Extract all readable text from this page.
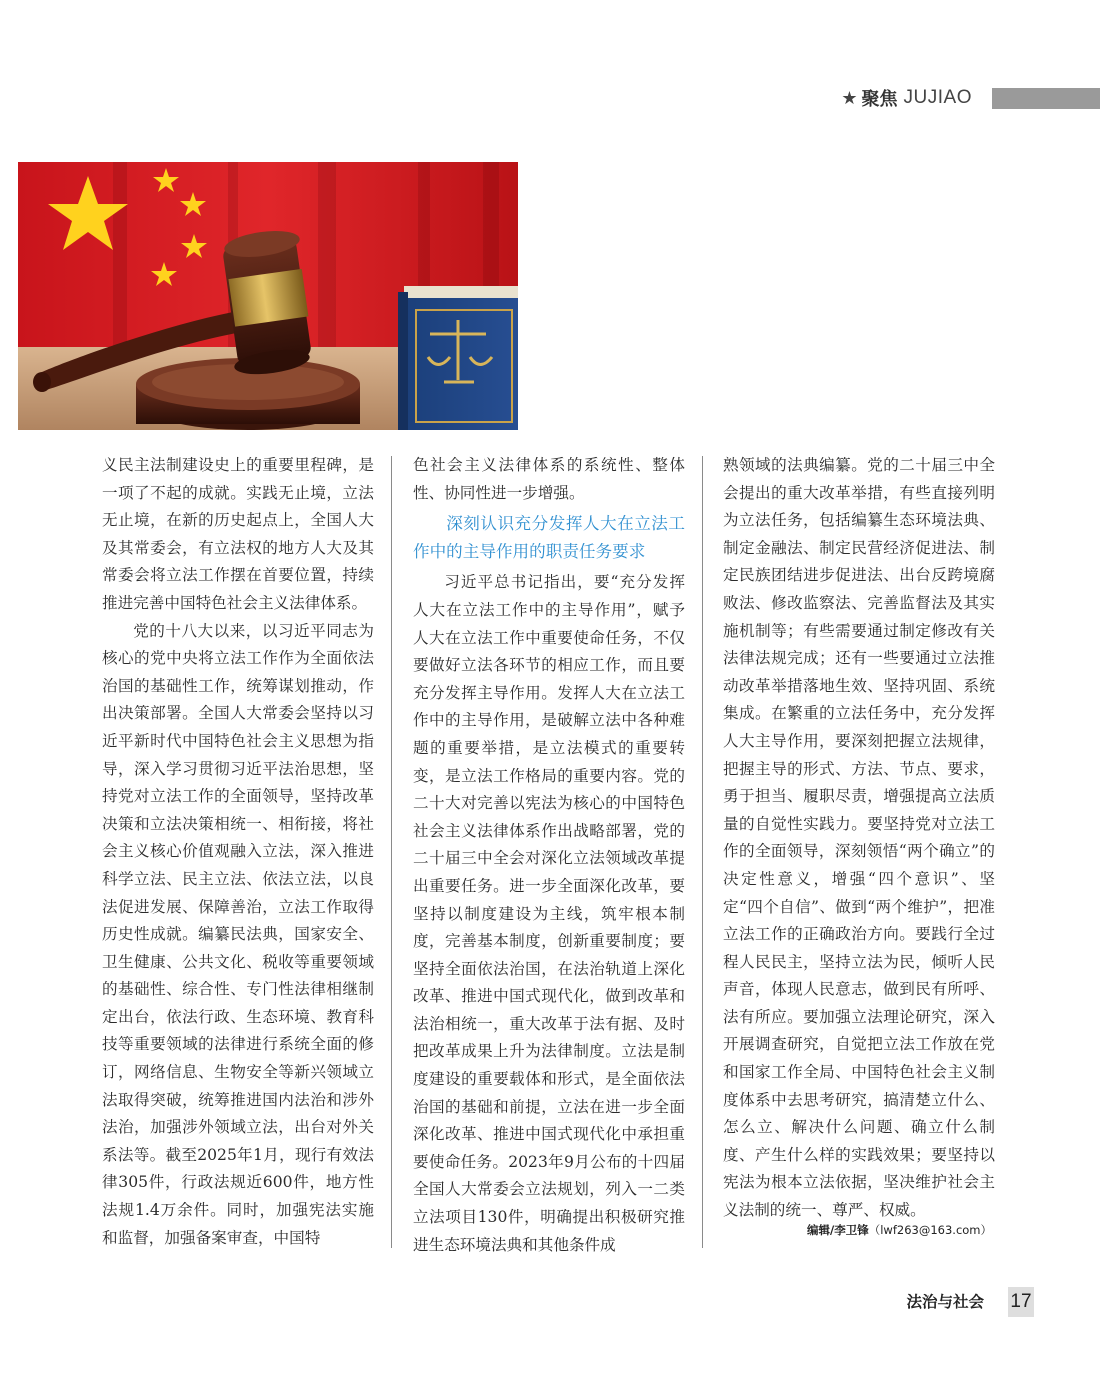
★ 聚焦 JUJIAO

义民主法制建设史上的重要里程碑，是一项了不起的成就。实践无止境，立法无止境，在新的历史起点上，全国人大及其常委会，有立法权的地方人大及其常委会将立法工作摆在首要位置，持续推进完善中国特色社会主义法律体系。

党的十八大以来，以习近平同志为核心的党中央将立法工作作为全面依法治国的基础性工作，统筹谋划推动，作出决策部署。全国人大常委会坚持以习近平新时代中国特色社会主义思想为指导，深入学习贯彻习近平法治思想，坚持党对立法工作的全面领导，坚持改革决策和立法决策相统一、相衔接，将社会主义核心价值观融入立法，深入推进科学立法、民主立法、依法立法，以良法促进发展、保障善治，立法工作取得历史性成就。编纂民法典，国家安全、卫生健康、公共文化、税收等重要领域的基础性、综合性、专门性法律相继制定出台，依法行政、生态环境、教育科技等重要领域的法律进行系统全面的修订，网络信息、生物安全等新兴领域立法取得突破，统筹推进国内法治和涉外法治，加强涉外领域立法，出台对外关系法等。截至2025年1月，现行有效法律305件，行政法规近600件，地方性法规1.4万余件。同时，加强宪法实施和监督，加强备案审查，中国特

色社会主义法律体系的系统性、整体性、协同性进一步增强。

深刻认识充分发挥人大在立法工作中的主导作用的职责任务要求

习近平总书记指出，要“充分发挥人大在立法工作中的主导作用”，赋予人大在立法工作中重要使命任务，不仅要做好立法各环节的相应工作，而且要充分发挥主导作用。发挥人大在立法工作中的主导作用，是破解立法中各种难题的重要举措，是立法模式的重要转变，是立法工作格局的重要内容。党的二十大对完善以宪法为核心的中国特色社会主义法律体系作出战略部署，党的二十届三中全会对深化立法领域改革提出重要任务。进一步全面深化改革，要坚持以制度建设为主线，筑牢根本制度，完善基本制度，创新重要制度；要坚持全面依法治国，在法治轨道上深化改革、推进中国式现代化，做到改革和法治相统一，重大改革于法有据、及时把改革成果上升为法律制度。立法是制度建设的重要载体和形式，是全面依法治国的基础和前提，立法在进一步全面深化改革、推进中国式现代化中承担重要使命任务。2023年9月公布的十四届全国人大常委会立法规划，列入一二类立法项目130件，明确提出积极研究推进生态环境法典和其他条件成

熟领域的法典编纂。党的二十届三中全会提出的重大改革举措，有些直接列明为立法任务，包括编纂生态环境法典、制定金融法、制定民营经济促进法、制定民族团结进步促进法、出台反跨境腐败法、修改监察法、完善监督法及其实施机制等；有些需要通过制定修改有关法律法规完成；还有一些要通过立法推动改革举措落地生效、坚持巩固、系统集成。在繁重的立法任务中，充分发挥人大主导作用，要深刻把握立法规律，把握主导的形式、方法、节点、要求，勇于担当、履职尽责，增强提高立法质量的自觉性实践力。要坚持党对立法工作的全面领导，深刻领悟“两个确立”的决定性意义，增强“四个意识”、坚定“四个自信”、做到“两个维护”，把准立法工作的正确政治方向。要践行全过程人民民主，坚持立法为民，倾听人民声音，体现人民意志，做到民有所呼、法有所应。要加强立法理论研究，深入开展调查研究，自觉把立法工作放在党和国家工作全局、中国特色社会主义制度体系中去思考研究，搞清楚立什么、怎么立、解决什么问题、确立什么制度、产生什么样的实践效果；要坚持以宪法为根本立法依据，坚决维护社会主义法制的统一、尊严、权威。

编辑/李卫锋（lwf263@163.com）
法治与社会 17
